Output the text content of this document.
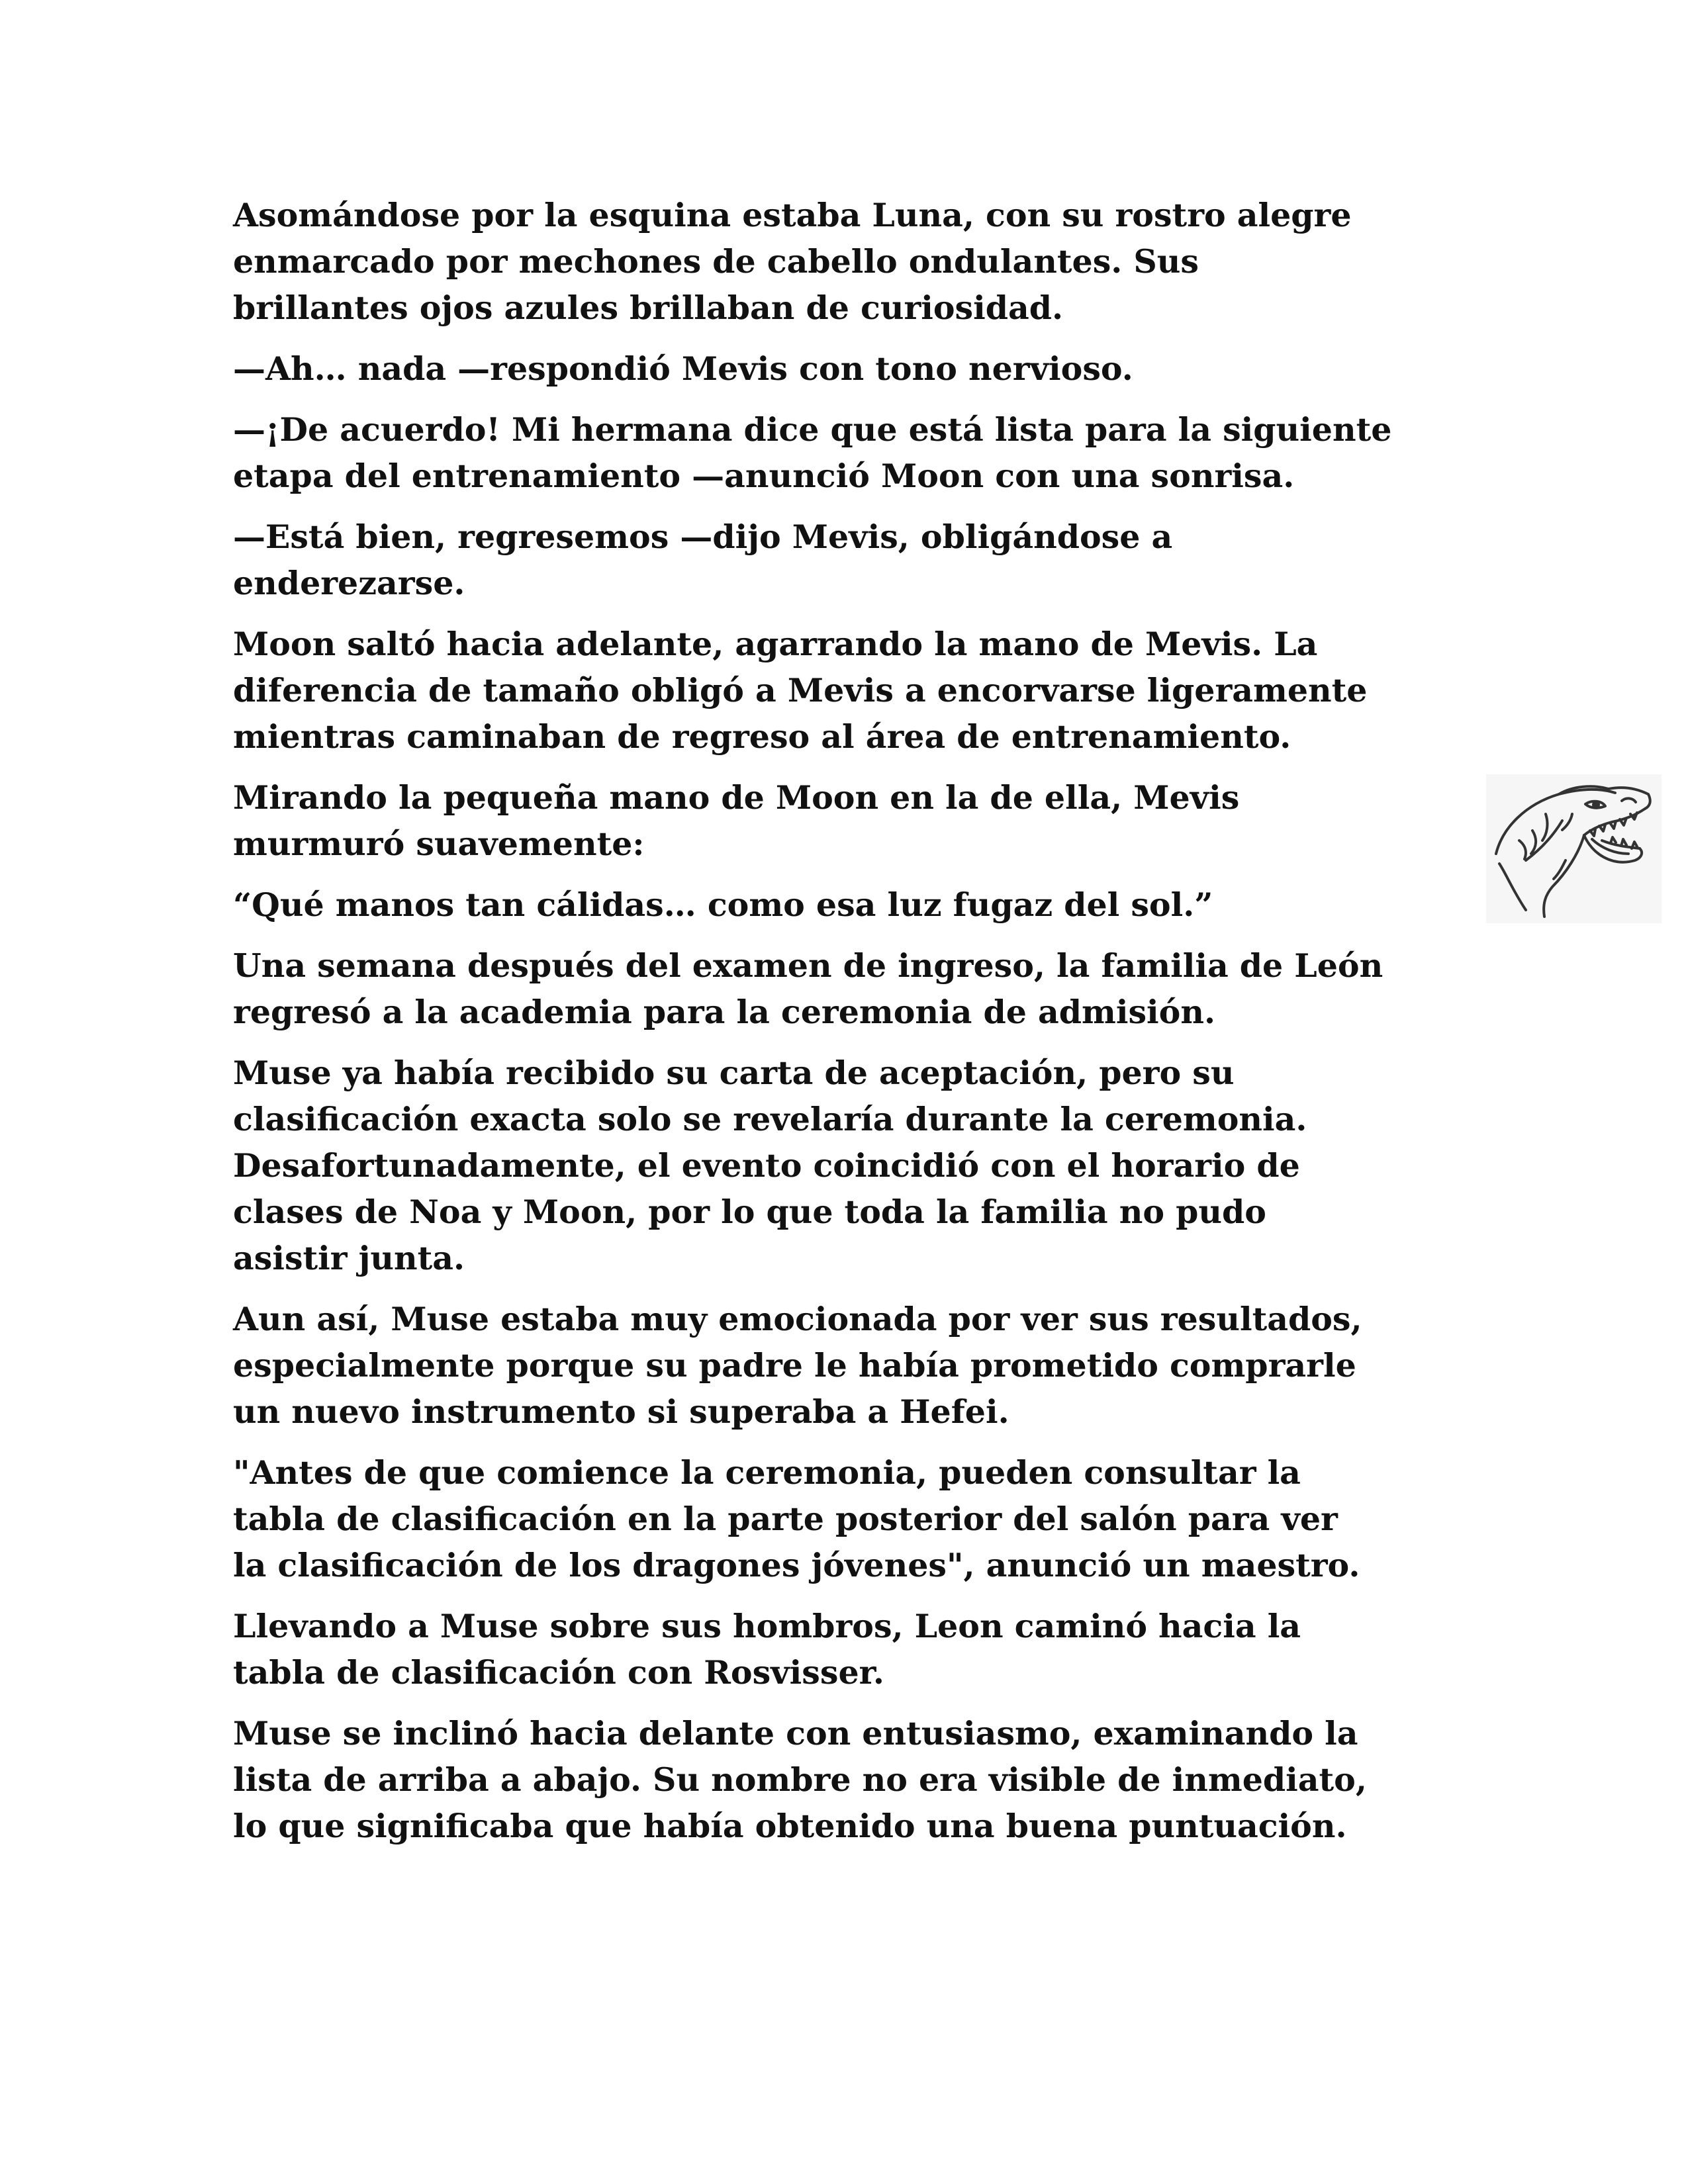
Asomándose por la esquina estaba Luna, con su rostro alegre
enmarcado por mechones de cabello ondulantes. Sus
brillantes ojos azules brillaban de curiosidad.

—Ah… nada —respondió Mevis con tono nervioso.

—¡De acuerdo! Mi hermana dice que está lista para la siguiente
etapa del entrenamiento —anunció Moon con una sonrisa.

—Está bien, regresemos —dijo Mevis, obligándose a
enderezarse.

Moon saltó hacia adelante, agarrando la mano de Mevis. La
diferencia de tamaño obligó a Mevis a encorvarse ligeramente
mientras caminaban de regreso al área de entrenamiento.

Mirando la pequeña mano de Moon en la de ella, Mevis
murmuró suavemente:

“Qué manos tan cálidas… como esa luz fugaz del sol.”

Una semana después del examen de ingreso, la familia de León
regresó a la academia para la ceremonia de admisión.

Muse ya había recibido su carta de aceptación, pero su
clasificación exacta solo se revelaría durante la ceremonia.
Desafortunadamente, el evento coincidió con el horario de
clases de Noa y Moon, por lo que toda la familia no pudo
asistir junta.

Aun así, Muse estaba muy emocionada por ver sus resultados,
especialmente porque su padre le había prometido comprarle
un nuevo instrumento si superaba a Hefei.

"Antes de que comience la ceremonia, pueden consultar la
tabla de clasificación en la parte posterior del salón para ver
la clasificación de los dragones jóvenes", anunció un maestro.

Llevando a Muse sobre sus hombros, Leon caminó hacia la
tabla de clasificación con Rosvisser.

Muse se inclinó hacia delante con entusiasmo, examinando la
lista de arriba a abajo. Su nombre no era visible de inmediato,
lo que significaba que había obtenido una buena puntuación.
